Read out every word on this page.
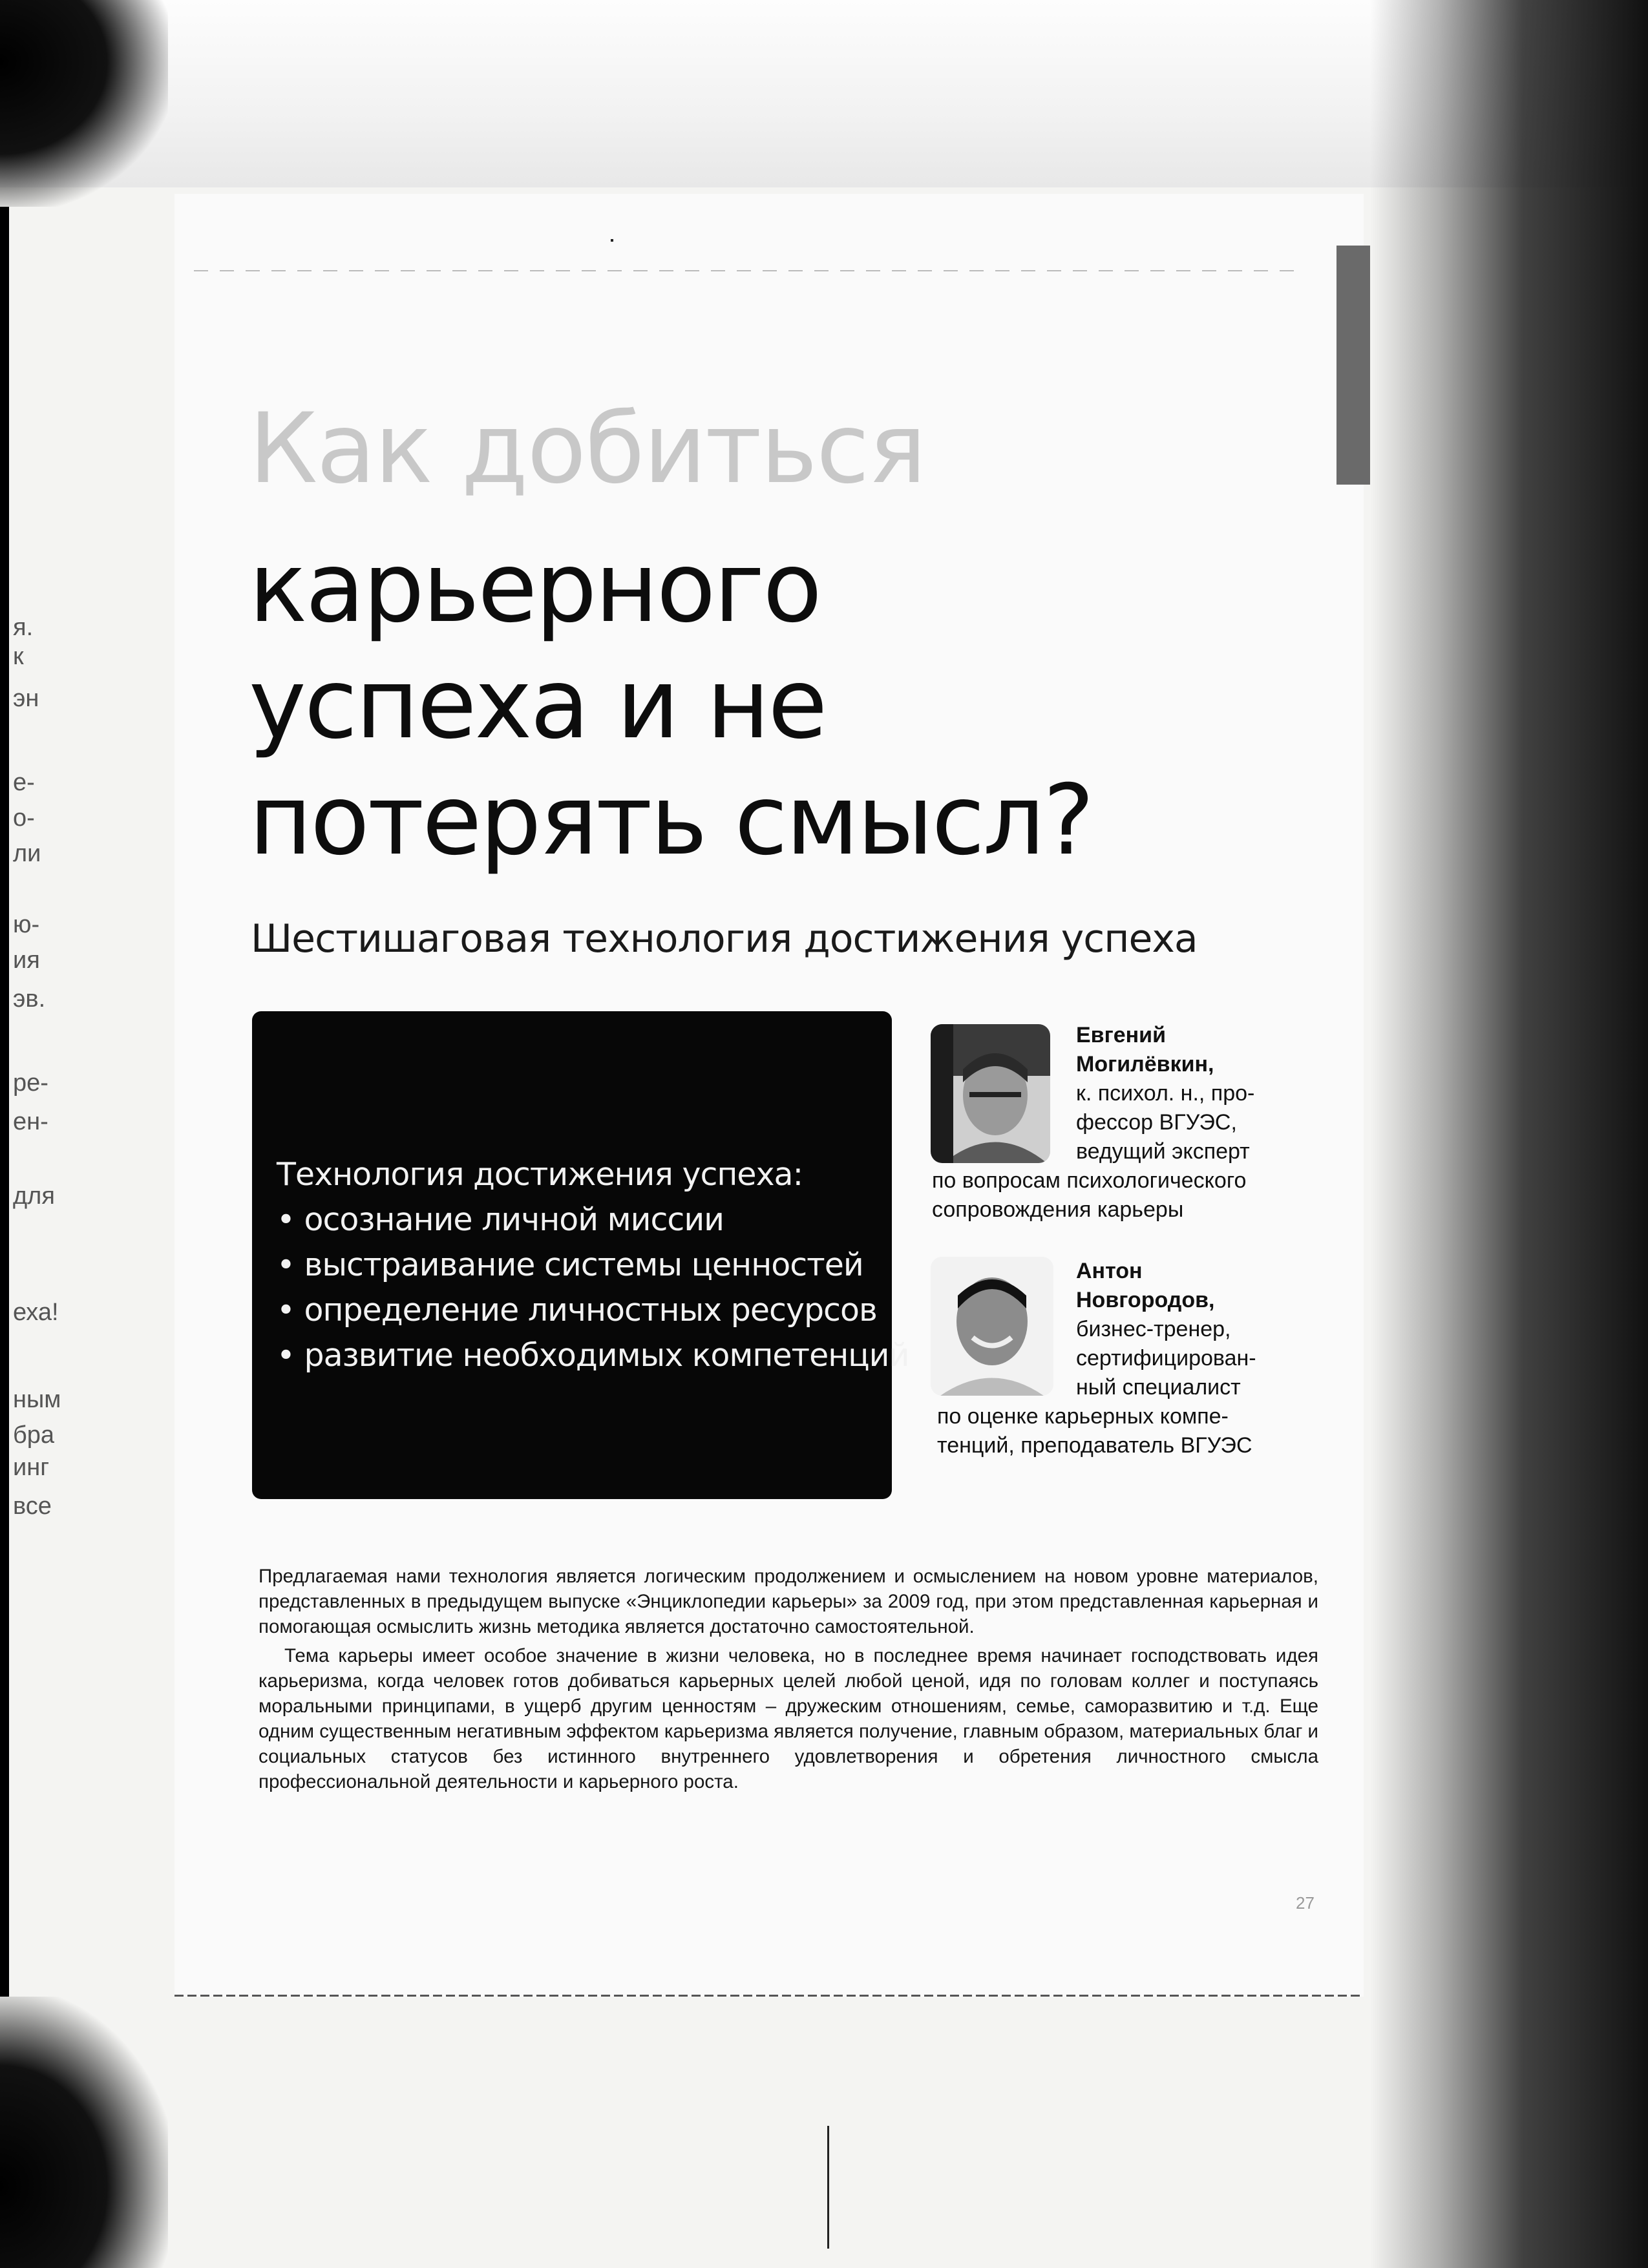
я.
к
эн
е-
о-
ли
ю-
ия
эв.
ре-
ен-
для
еха!
ным
бра
инг
все
Как добиться
карьерного
успеха и не
потерять смысл?
Шестишаговая технология достижения успеха
Технология достижения успеха:
• осознание личной миссии
• выстраивание системы ценностей
• определение личностных ресурсов
• развитие необходимых компетенций
Евгений
Могилёвкин,
к. психол. н., про-
фессор ВГУЭС,
ведущий эксперт
по вопросам психологического
сопровождения карьеры
Антон
Новгородов,
бизнес-тренер,
сертифицирован-
ный специалист
по оценке карьерных компе-
тенций, преподаватель ВГУЭС

Предлагаемая нами технология является логическим продолжением и осмыслением на новом уровне материалов, представленных в предыдущем выпуске «Энциклопедии карьеры» за 2009 год, при этом представленная карьерная и помогающая осмыслить жизнь методика является достаточно самостоятельной.

Тема карьеры имеет особое значение в жизни человека, но в последнее время начинает господствовать идея карьеризма, когда человек готов добиваться карьерных целей любой ценой, идя по головам коллег и поступаясь моральными принципами, в ущерб другим ценностям – дружеским отношениям, семье, саморазвитию и т.д. Еще одним существенным негативным эффектом карьеризма является получение, главным образом, материальных благ и социальных статусов без истинного внутреннего удовлетворения и обретения личностного смысла профессиональной деятельности и карьерного роста.

27
